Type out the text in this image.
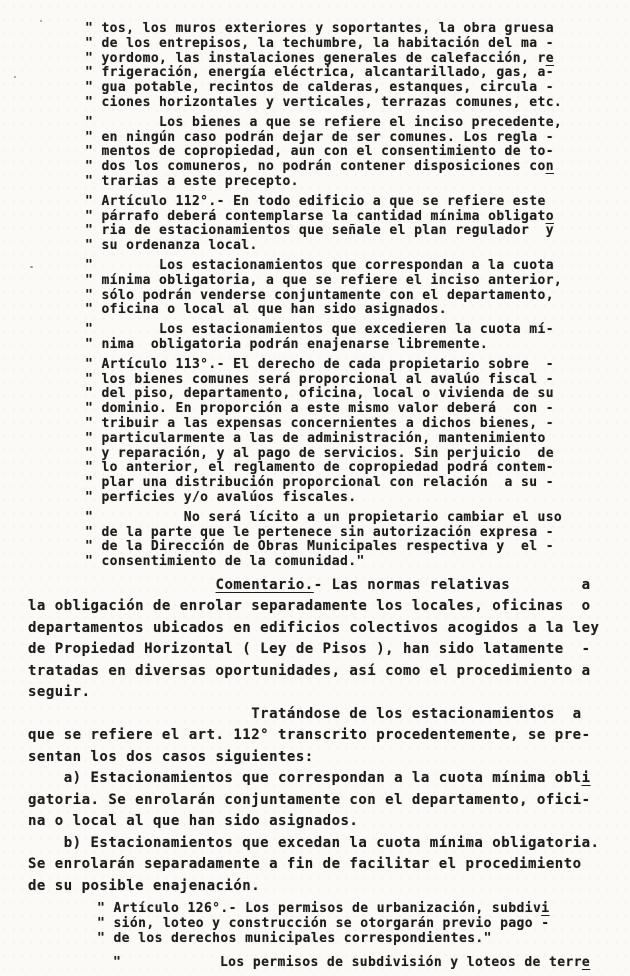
" tos, los muros exteriores y soportantes, la obra gruesa
" de los entrepisos, la techumbre, la habitación del ma -
" yordomo, las instalaciones generales de calefacción, re
" frigeración, energía eléctrica, alcantarillado, gas, a-
" gua potable, recintos de calderas, estanques, circula -
" ciones horizontales y verticales, terrazas comunes, etc.
"        Los bienes a que se refiere el inciso precedente,
" en ningún caso podrán dejar de ser comunes. Los regla -
" mentos de copropiedad, aun con el consentimiento de to-
" dos los comuneros, no podrán contener disposiciones con
" trarias a este precepto.
" Artículo 112°.- En todo edificio a que se refiere este
" párrafo deberá contemplarse la cantidad mínima obligato
" ria de estacionamientos que señale el plan regulador  y
" su ordenanza local.
"        Los estacionamientos que correspondan a la cuota
" mínima obligatoria, a que se refiere el inciso anterior,
" sólo podrán venderse conjuntamente con el departamento,
" oficina o local al que han sido asignados.
"        Los estacionamientos que excedieren la cuota mí-
" nima  obligatoria podrán enajenarse libremente.
" Artículo 113°.- El derecho de cada propietario sobre  -
" los bienes comunes será proporcional al avalúo fiscal -
" del piso, departamento, oficina, local o vivienda de su
" dominio. En proporción a este mismo valor deberá  con -
" tribuir a las expensas concernientes a dichos bienes, -
" particularmente a las de administración, mantenimiento
" y reparación, y al pago de servicios. Sin perjuicio  de
" lo anterior, el reglamento de copropiedad podrá contem-
" plar una distribución proporcional con relación  a su -
" perficies y/o avalúos fiscales.
"           No será lícito a un propietario cambiar el uso
" de la parte que le pertenece sin autorización expresa -
" de la Dirección de Obras Municipales respectiva y  el -
" consentimiento de la comunidad."
Comentario.- Las normas relativas        a
la obligación de enrolar separadamente los locales, oficinas  o
departamentos ubicados en edificios colectivos acogidos a la ley
de Propiedad Horizontal ( Ley de Pisos ), han sido latamente  -
tratadas en diversas oportunidades, así como el procedimiento a
seguir.
Tratándose de los estacionamientos  a
que se refiere el art. 112° transcrito procedentemente, se pre-
sentan los dos casos siguientes:
a) Estacionamientos que correspondan a la cuota mínima obli
gatoria. Se enrolarán conjuntamente con el departamento, ofici-
na o local al que han sido asignados.
b) Estacionamientos que excedan la cuota mínima obligatoria.
Se enrolarán separadamente a fin de facilitar el procedimiento
de su posible enajenación.
" Artículo 126°.- Los permisos de urbanización, subdivi
" sión, loteo y construcción se otorgarán previo pago -
" de los derechos municipales correspondientes."
"            Los permisos de subdivisión y loteos de terre
